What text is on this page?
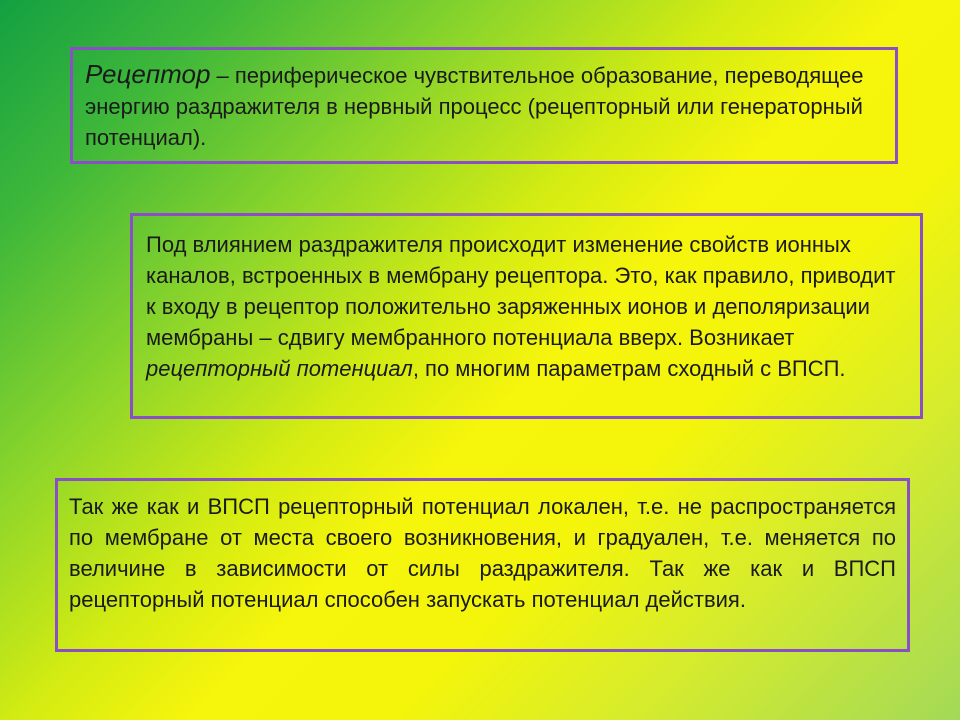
Рецептор – периферическое чувствительное образование, переводящее энергию раздражителя в нервный процесс (рецепторный или генераторный потенциал).

Под влиянием раздражителя происходит изменение свойств ионных каналов, встроенных в мембрану рецептора. Это, как правило, приводит к входу в рецептор положительно заряженных ионов и деполяризации мембраны – сдвигу мембранного потенциала вверх. Возникает рецепторный потенциал, по многим параметрам сходный с ВПСП.

Так же как и ВПСП рецепторный потенциал локален, т.е. не распространяется по мембране от места своего возникновения, и градуален, т.е. меняется по величине в зависимости от силы раздражителя. Так же как и ВПСП рецепторный потенциал способен запускать потенциал действия.
